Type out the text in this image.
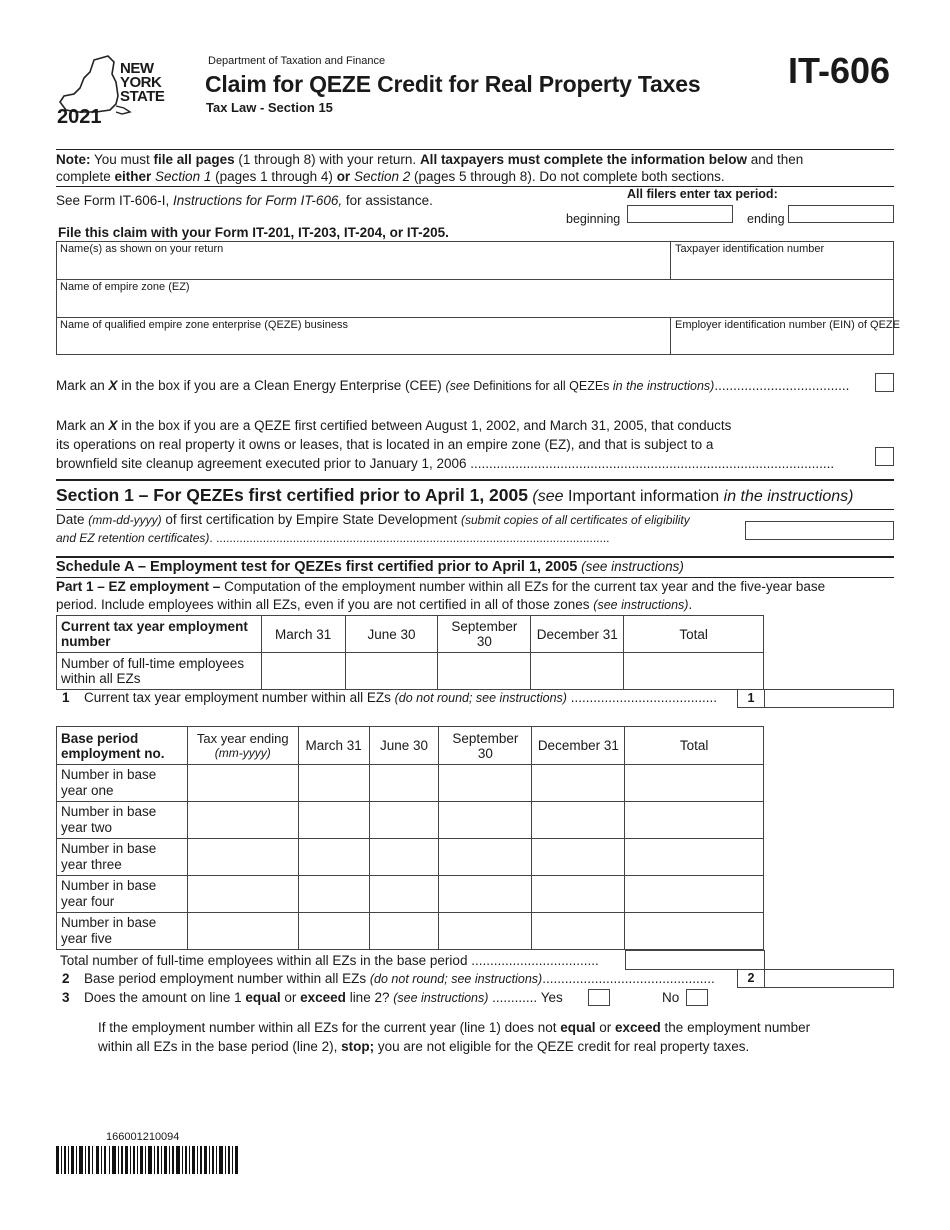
NEW
YORK
STATE
2021
Department of Taxation and Finance
Claim for QEZE Credit for Real Property Taxes
Tax Law - Section 15
IT-606
Note: You must file all pages (1 through 8) with your return. All taxpayers must complete the information below and then
complete either Section 1 (pages 1 through 4) or Section 2 (pages 5 through 8). Do not complete both sections.
See Form IT-606-I, Instructions for Form IT-606, for assistance.	All filers enter tax period:
beginning	ending
File this claim with your Form IT-201, IT-203, IT-204, or IT-205.
Name(s) as shown on your return	Taxpayer identification number
Name of empire zone (EZ)
Name of qualified empire zone enterprise (QEZE) business	Employer identification number (EIN) of QEZE
Mark an X in the box if you are a Clean Energy Enterprise (CEE) (see Definitions for all QEZEs in the instructions)....................................
Mark an X in the box if you are a QEZE first certified between August 1, 2002, and March 31, 2005, that conducts
its operations on real property it owns or leases, that is located in an empire zone (EZ), and that is subject to a
brownfield site cleanup agreement executed prior to January 1, 2006 .................................................................................................
Section 1 – For QEZEs first certified prior to April 1, 2005 (see Important information in the instructions)
Date (mm-dd-yyyy) of first certification by Empire State Development (submit copies of all certificates of eligibility
and EZ retention certificates). ......................................................................................................................
Schedule A – Employment test for QEZEs first certified prior to April 1, 2005 (see instructions)
Part 1 – EZ employment – Computation of the employment number within all EZs for the current tax year and the five-year base
period. Include employees within all EZs, even if you are not certified in all of those zones (see instructions).
Current tax year employment number	March 31	June 30	September 30	December 31	Total
Number of full-time employees within all EZs					
1 Current tax year employment number within all EZs (do not round; see instructions) .......................................	1
Base period employment no.	Tax year ending
(mm-yyyy)	March 31	June 30	September 30	December 31	Total
Number in base year one						
Number in base year two						
Number in base year three						
Number in base year four						
Number in base year five						
Total number of full-time employees within all EZs in the base period ..................................
2 Base period employment number within all EZs (do not round; see instructions)..............................................	2
3 Does the amount on line 1 equal or exceed line 2? (see instructions) ............ Yes	No
If the employment number within all EZs for the current year (line 1) does not equal or exceed the employment number
within all EZs in the base period (line 2), stop; you are not eligible for the QEZE credit for real property taxes.
166001210094
